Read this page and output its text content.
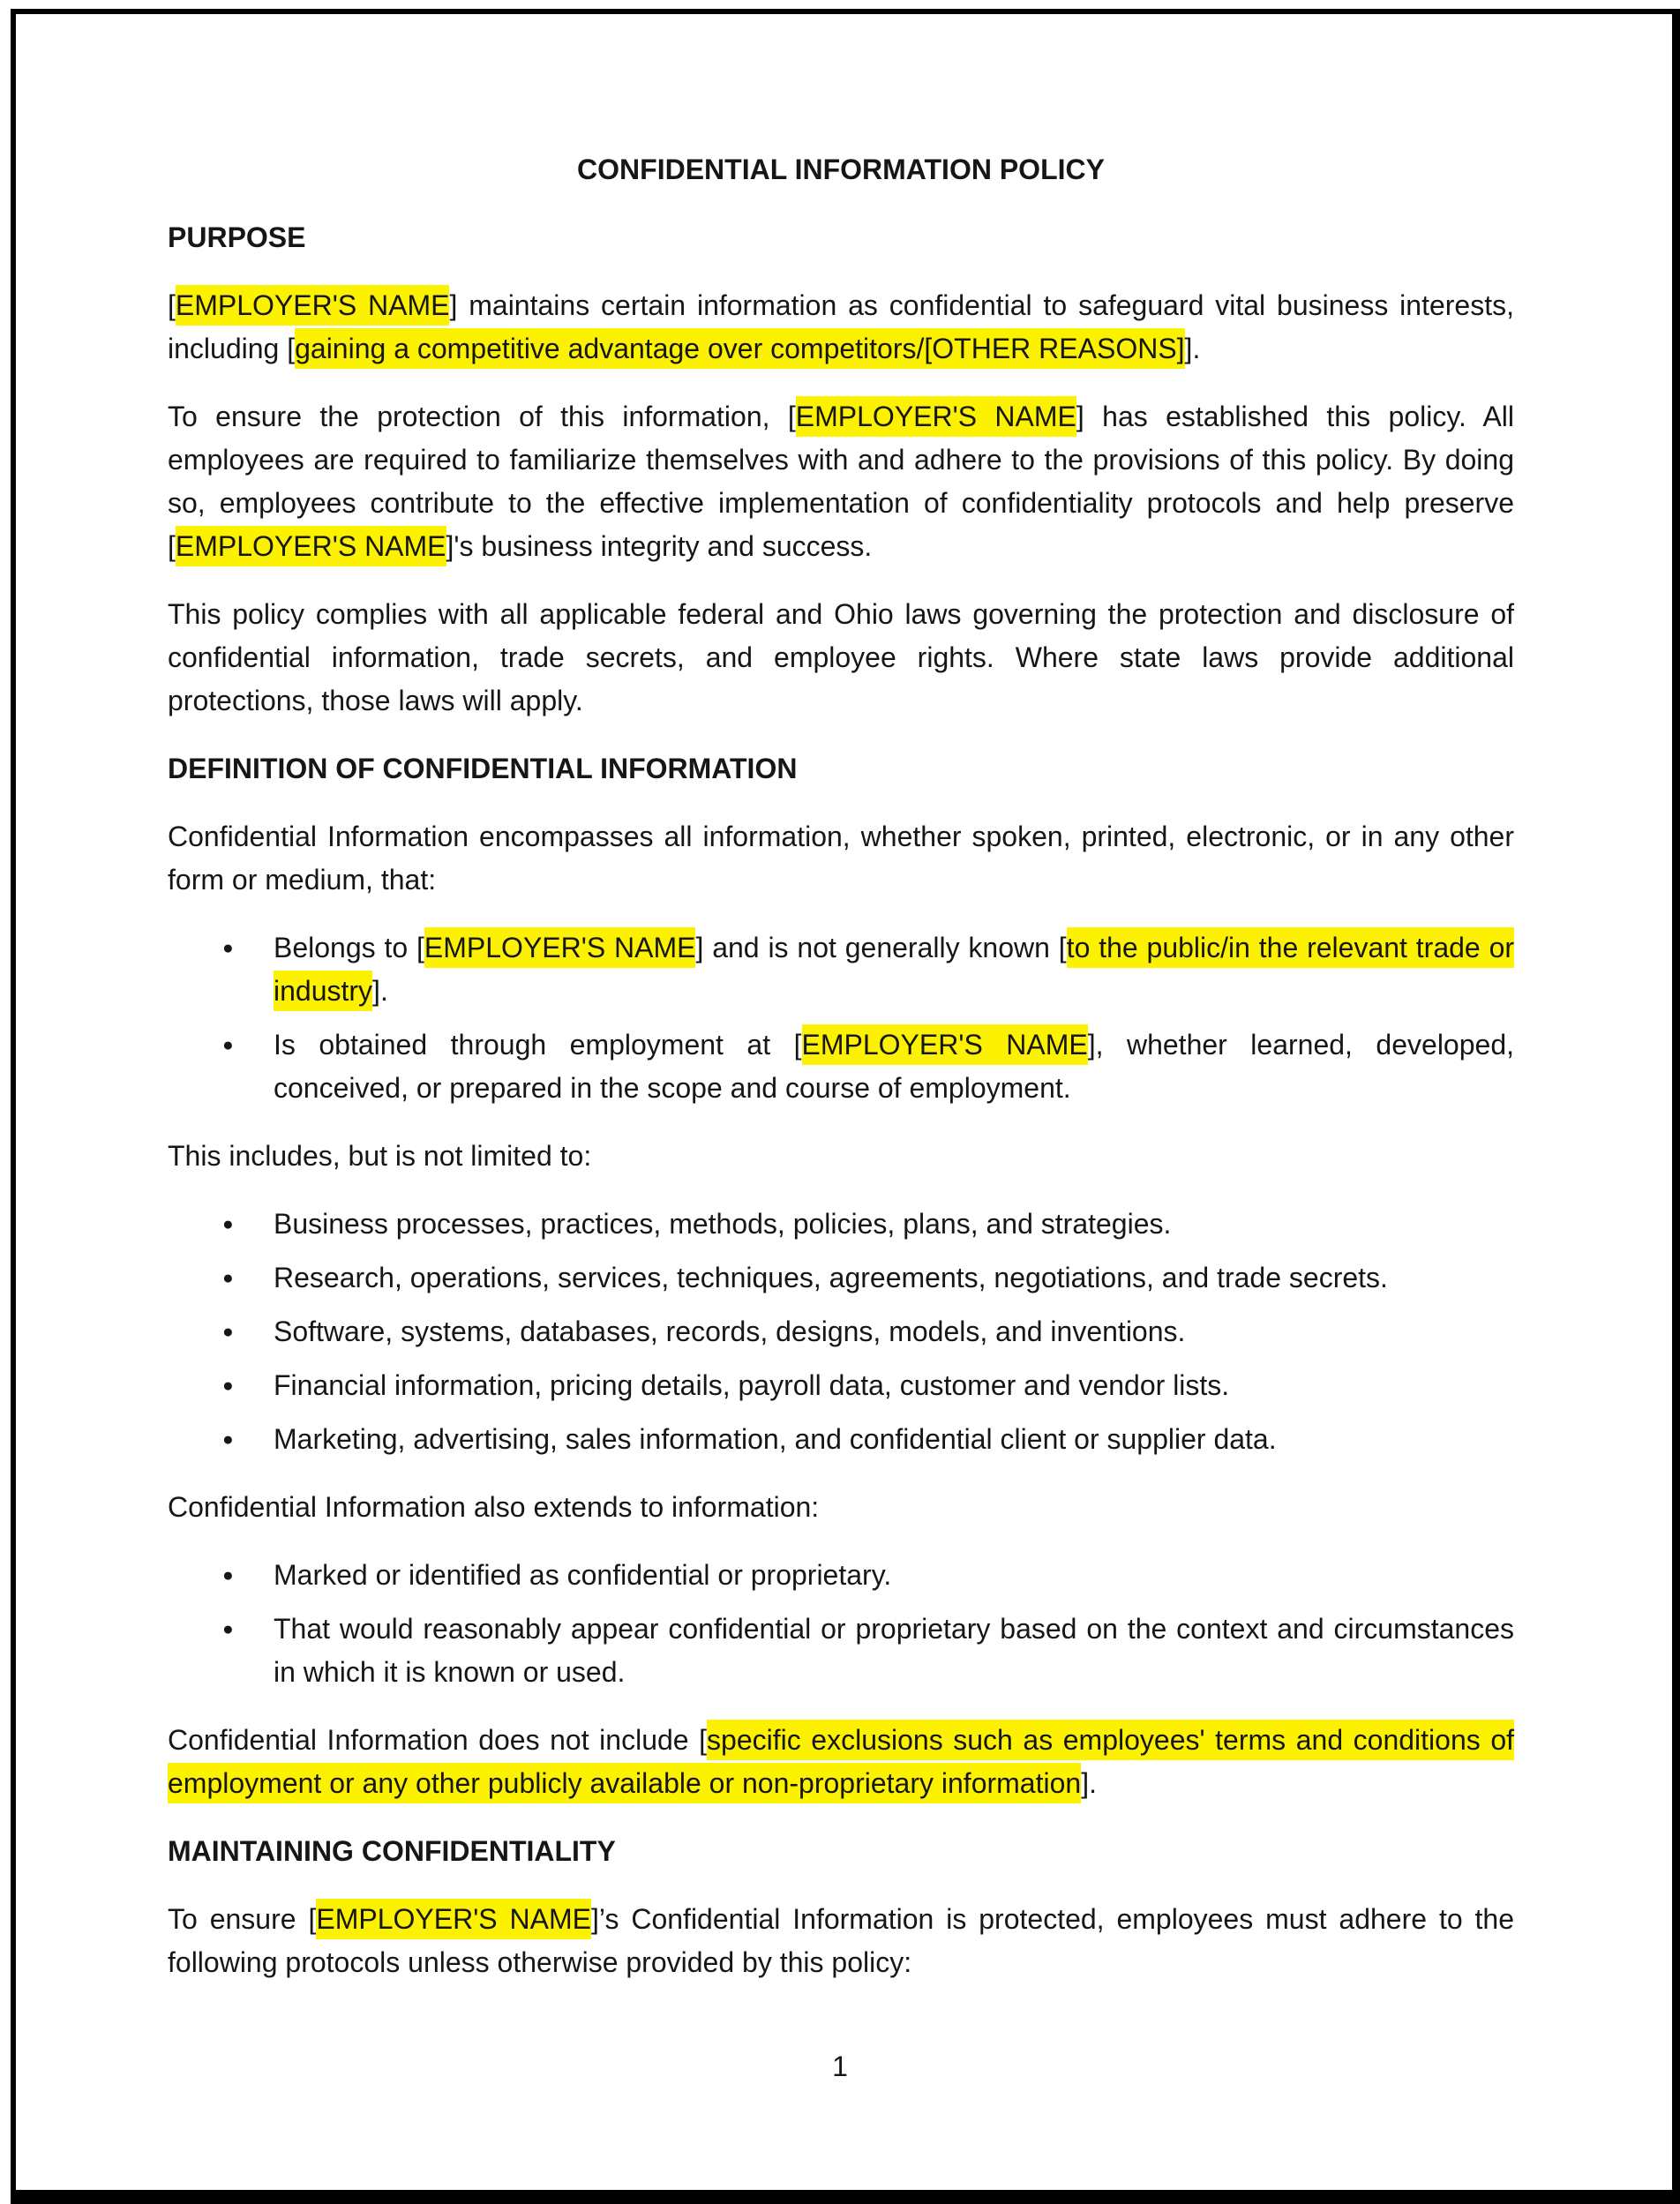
CONFIDENTIAL INFORMATION POLICY
PURPOSE

[EMPLOYER'S NAME] maintains certain information as confidential to safeguard vital business interests, including [gaining a competitive advantage over competitors/[OTHER REASONS]].

To ensure the protection of this information, [EMPLOYER'S NAME] has established this policy. All employees are required to familiarize themselves with and adhere to the provisions of this policy. By doing so, employees contribute to the effective implementation of confidentiality protocols and help preserve [EMPLOYER'S NAME]'s business integrity and success.

This policy complies with all applicable federal and Ohio laws governing the protection and disclosure of confidential information, trade secrets, and employee rights. Where state laws provide additional protections, those laws will apply.

DEFINITION OF CONFIDENTIAL INFORMATION

Confidential Information encompasses all information, whether spoken, printed, electronic, or in any other form or medium, that:

● Belongs to [EMPLOYER'S NAME] and is not generally known [to the public/in the relevant trade or industry].
● Is obtained through employment at [EMPLOYER'S NAME], whether learned, developed, conceived, or prepared in the scope and course of employment.

This includes, but is not limited to:

● Business processes, practices, methods, policies, plans, and strategies.
● Research, operations, services, techniques, agreements, negotiations, and trade secrets.
● Software, systems, databases, records, designs, models, and inventions.
● Financial information, pricing details, payroll data, customer and vendor lists.
● Marketing, advertising, sales information, and confidential client or supplier data.

Confidential Information also extends to information:

● Marked or identified as confidential or proprietary.
● That would reasonably appear confidential or proprietary based on the context and circumstances in which it is known or used.

Confidential Information does not include [specific exclusions such as employees' terms and conditions of employment or any other publicly available or non-proprietary information].

MAINTAINING CONFIDENTIALITY

To ensure [EMPLOYER'S NAME]’s Confidential Information is protected, employees must adhere to the following protocols unless otherwise provided by this policy:

1
